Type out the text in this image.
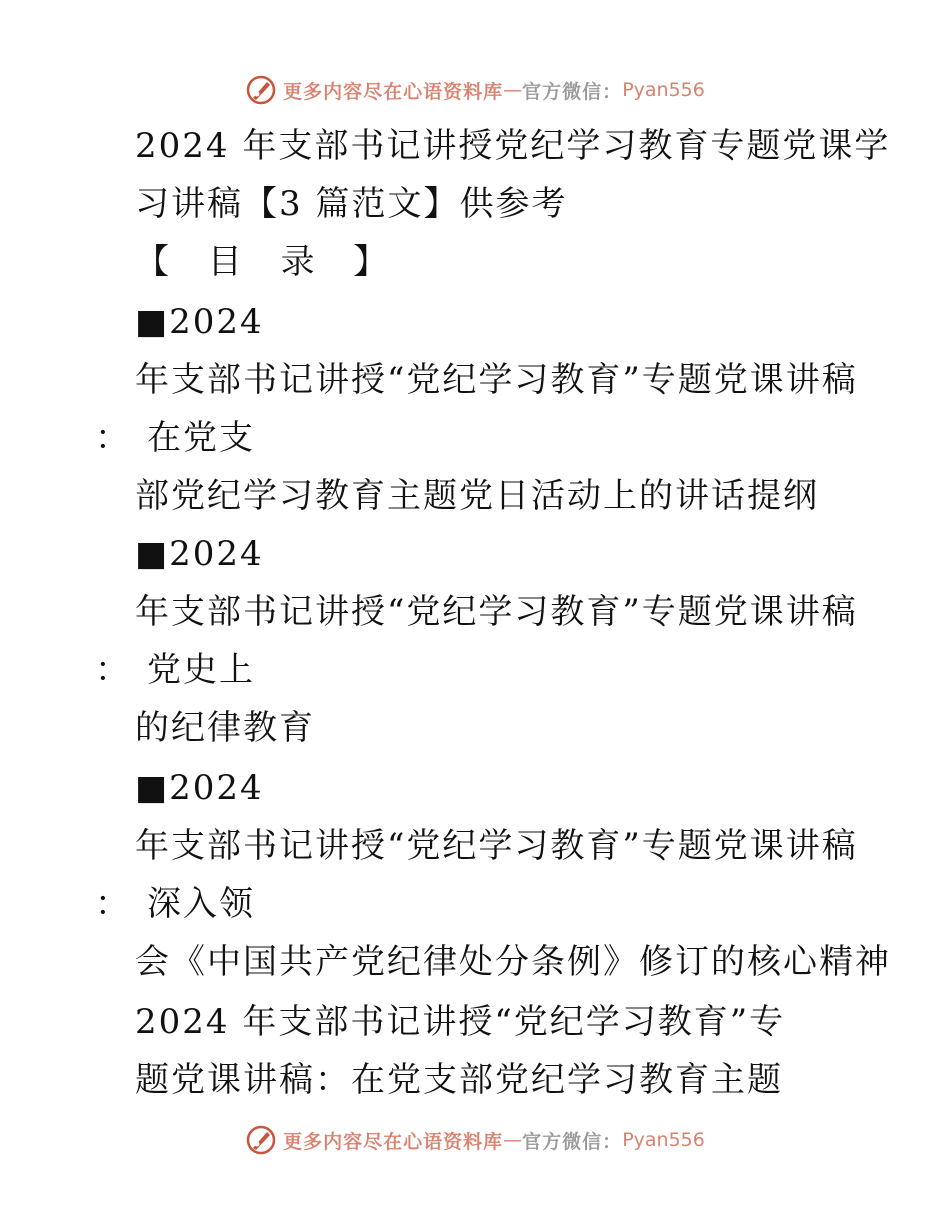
更多内容尽在心语资料库 — 官方微信： Pyan556
2024 年支部书记讲授党纪学习教育专题党课学
习讲稿【3 篇范文】供参考
【 目 录 】
■2024
年支部书记讲授“党纪学习教育”专题党课讲稿
： 在党支
部党纪学习教育主题党日活动上的讲话提纲
■2024
年支部书记讲授“党纪学习教育”专题党课讲稿
： 党史上
的纪律教育
■2024
年支部书记讲授“党纪学习教育”专题党课讲稿
： 深入领
会《中国共产党纪律处分条例》修订的核心精神
2024 年支部书记讲授“党纪学习教育”专
题党课讲稿：在党支部党纪学习教育主题
更多内容尽在心语资料库 — 官方微信： Pyan556
